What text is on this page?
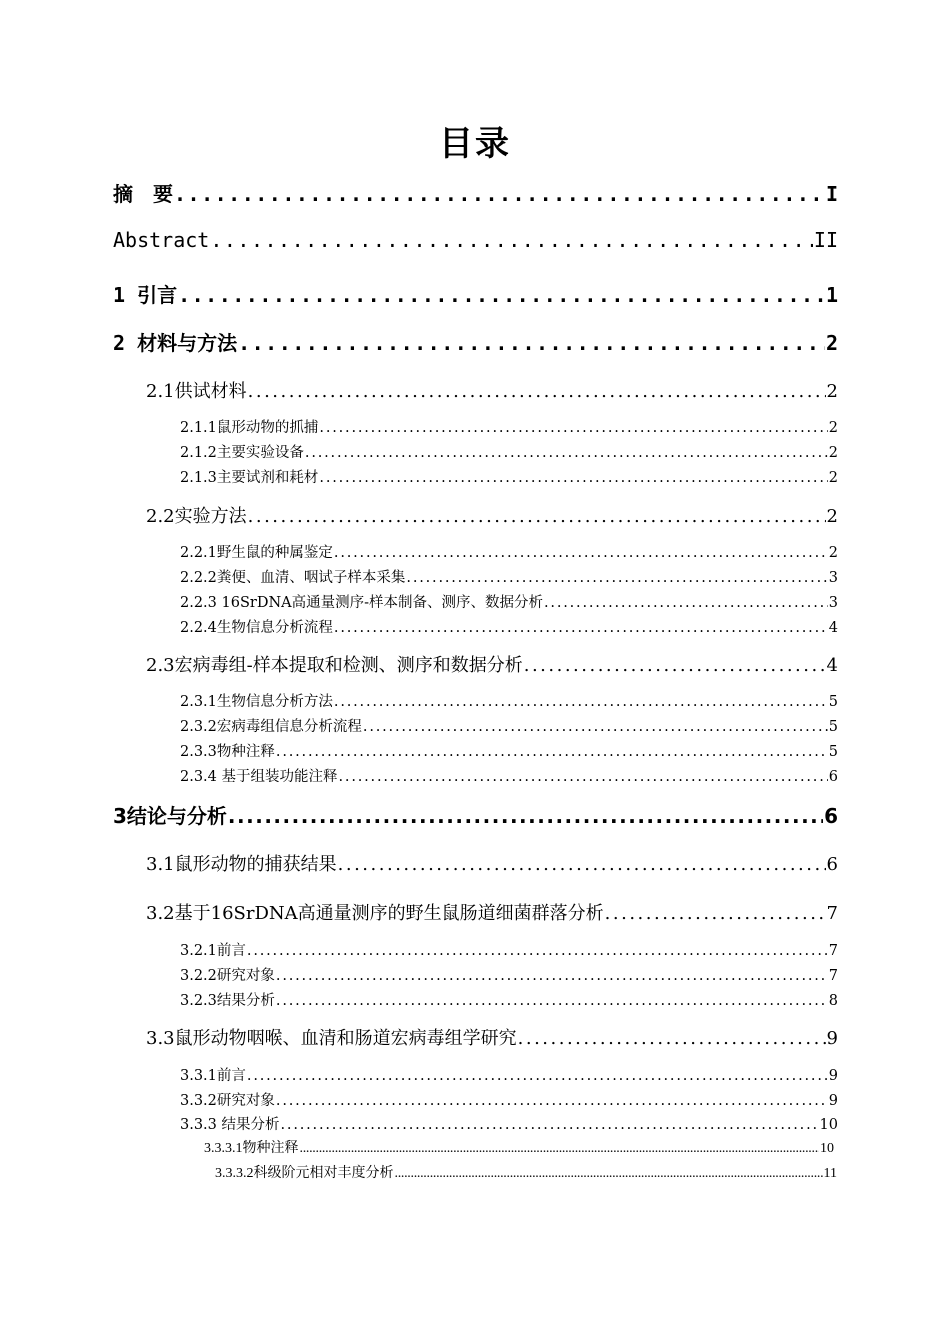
目录
摘　要 .....	I
Abstract .....	II
1 引言 .....	1
2 材料与方法 .....	2
2.1供试材料 .....	2
2.1.1鼠形动物的抓捕 .....	2
2.1.2主要实验设备 .....	2
2.1.3主要试剂和耗材 .....	2
2.2实验方法 .....	2
2.2.1野生鼠的种属鉴定 .....	2
2.2.2粪便、血清、咽试子样本采集 .....	3
2.2.3 16SrDNA高通量测序-样本制备、测序、数据分析 .....	3
2.2.4生物信息分析流程 .....	4
2.3宏病毒组-样本提取和检测、测序和数据分析 .....	4
2.3.1生物信息分析方法 .....	5
2.3.2宏病毒组信息分析流程 .....	5
2.3.3物种注释 .....	5
2.3.4 基于组装功能注释 .....	6
3结论与分析 .....	6
3.1鼠形动物的捕获结果 .....	6
3.2基于16SrDNA高通量测序的野生鼠肠道细菌群落分析 .....	7
3.2.1前言 .....	7
3.2.2研究对象 .....	7
3.2.3结果分析 .....	8
3.3鼠形动物咽喉、血清和肠道宏病毒组学研究 .....	9
3.3.1前言 .....	9
3.3.2研究对象 .....	9
3.3.3 结果分析 .....	10
3.3.3.1物种注释 .....	10
3.3.3.2科级阶元相对丰度分析 .....	11
